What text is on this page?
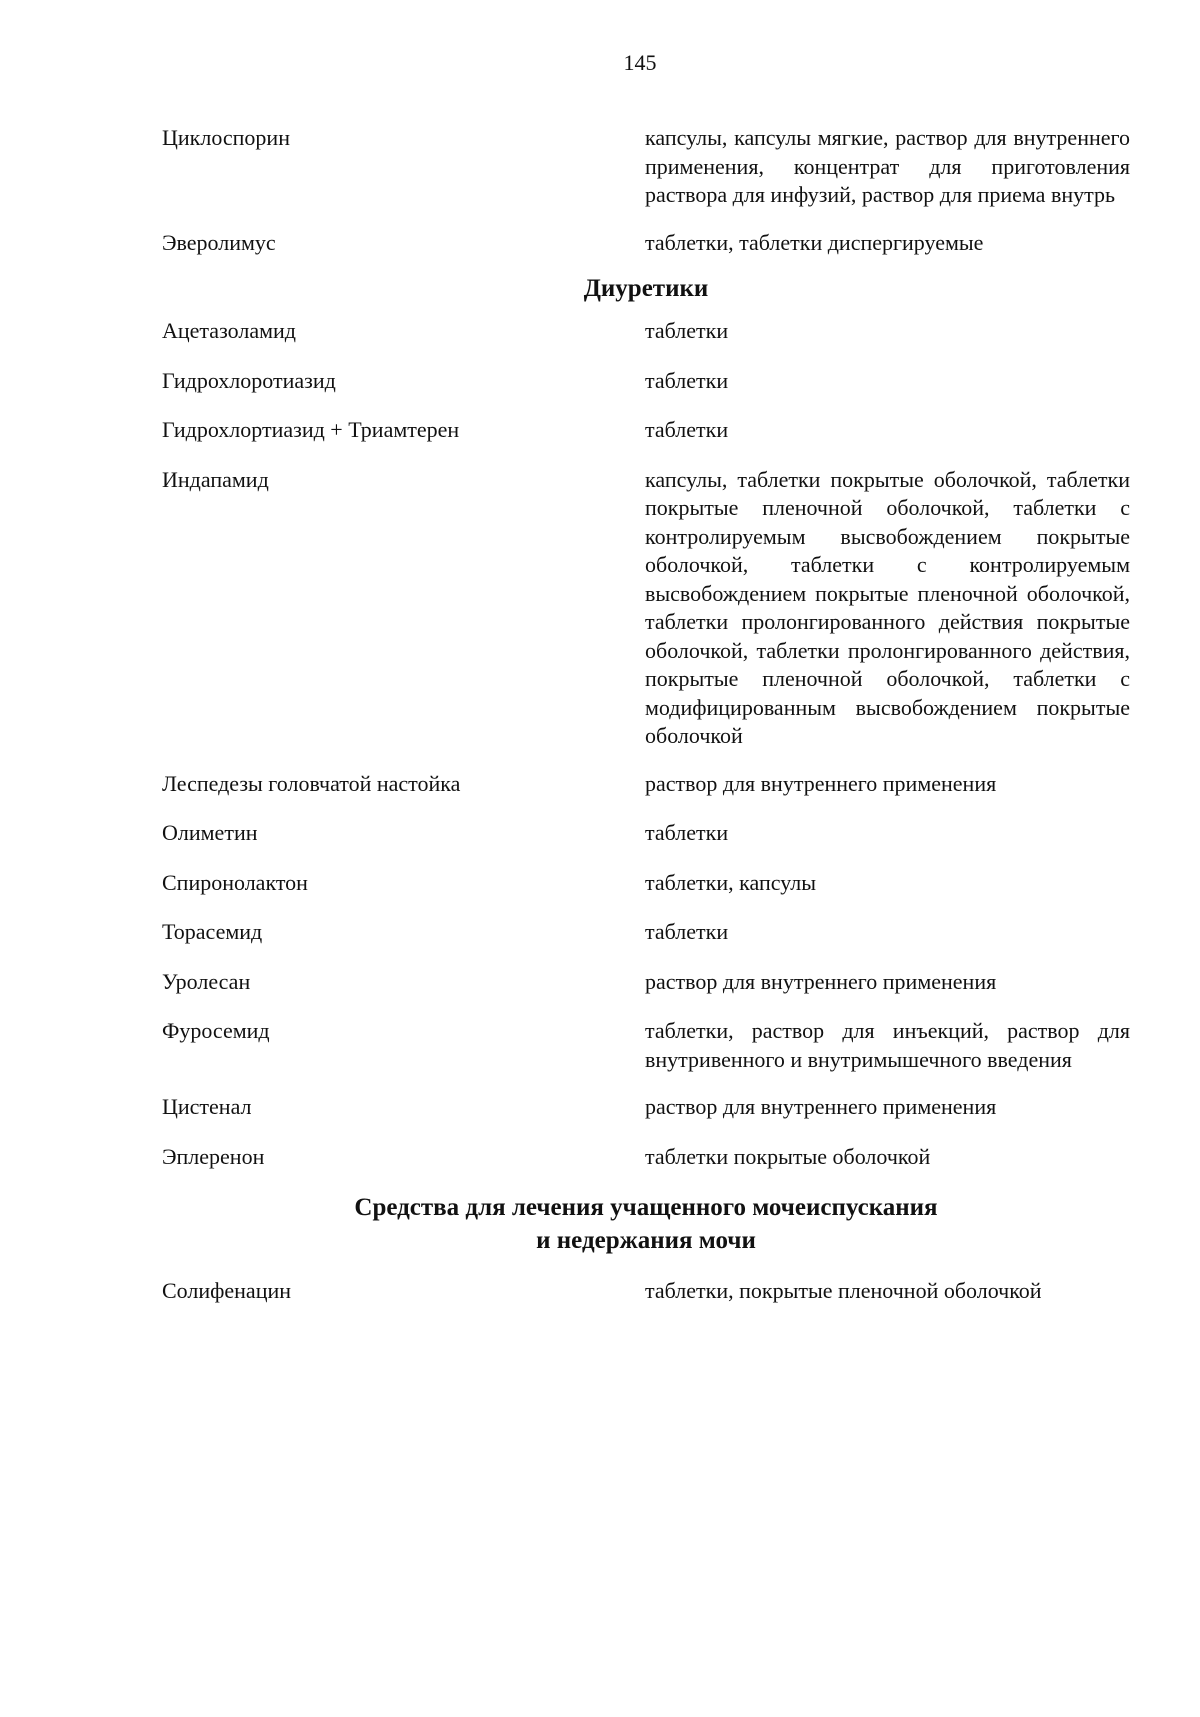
145
Циклоспорин	капсулы, капсулы мягкие, раствор для внутреннего применения, концентрат для приготовления раствора для инфузий, раствор для приема внутрь
Эверолимус	таблетки, таблетки диспергируемые
Диуретики
Ацетазоламид	таблетки
Гидрохлоротиазид	таблетки
Гидрохлортиазид + Триамтерен	таблетки
Индапамид	капсулы, таблетки покрытые оболочкой, таблетки покрытые пленочной оболочкой, таблетки с контролируемым высвобождением покрытые оболочкой, таблетки с контролируемым высвобождением покрытые пленочной оболочкой, таблетки пролонгированного действия покрытые оболочкой, таблетки пролонгированного действия, покрытые пленочной оболочкой, таблетки с модифицированным высвобождением покрытые оболочкой
Леспедезы головчатой настойка	раствор для внутреннего применения
Олиметин	таблетки
Спиронолактон	таблетки, капсулы
Торасемид	таблетки
Уролесан	раствор для внутреннего применения
Фуросемид	таблетки, раствор для инъекций, раствор для внутривенного и внутримышечного введения
Цистенал	раствор для внутреннего применения
Эплеренон	таблетки покрытые оболочкой
Средства для лечения учащенного мочеиспускания
и недержания мочи
Солифенацин	таблетки, покрытые пленочной оболочкой
